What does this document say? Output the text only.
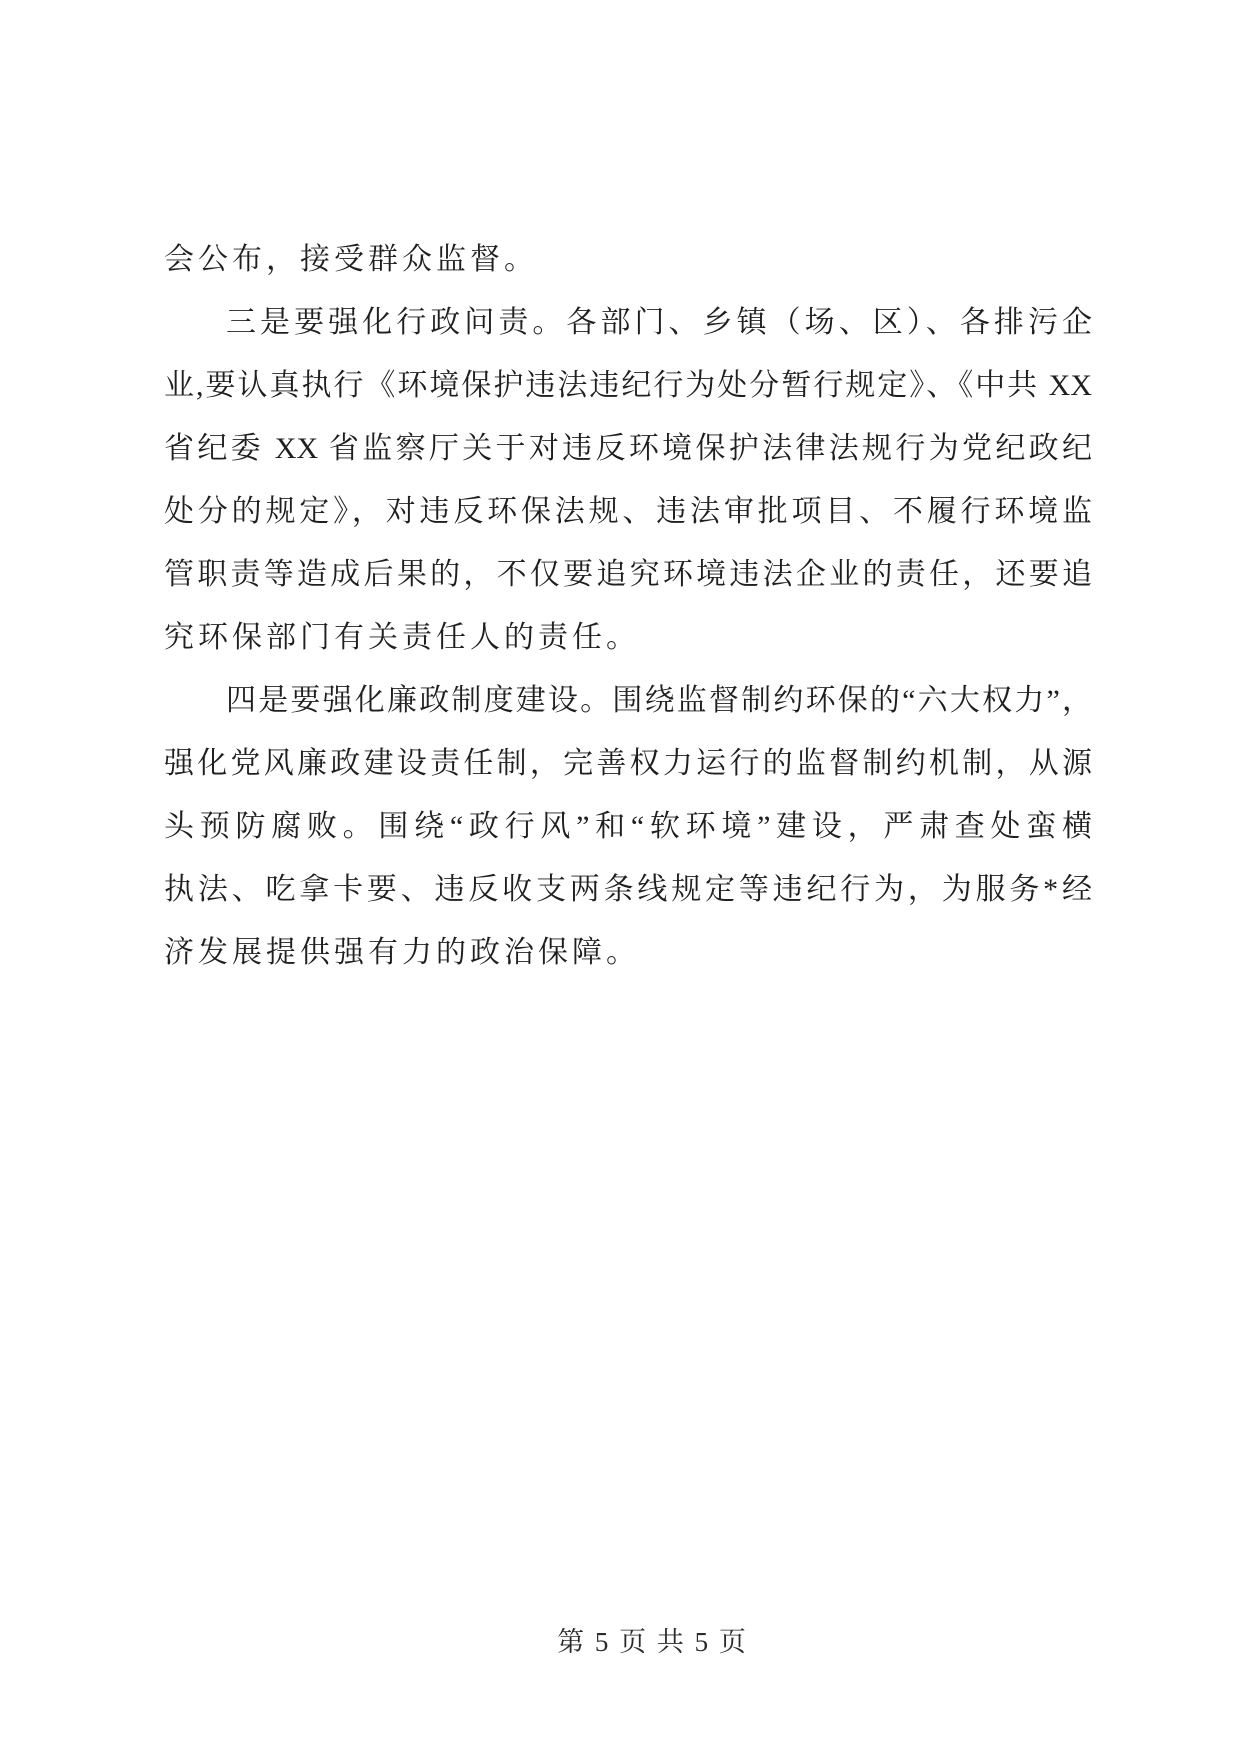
会公布，接受群众监督。
三是要强化行政问责。各部门、乡镇（场、区）、各排污企
业,要认真执行《环境保护违法违纪行为处分暂行规定》、《中共 XX
省纪委 XX 省监察厅关于对违反环境保护法律法规行为党纪政纪
处分的规定》，对违反环保法规、违法审批项目、不履行环境监
管职责等造成后果的，不仅要追究环境违法企业的责任，还要追
究环保部门有关责任人的责任。
四是要强化廉政制度建设。围绕监督制约环保的“六大权力”，
强化党风廉政建设责任制，完善权力运行的监督制约机制，从源
头预防腐败。围绕“政行风”和“软环境”建设，严肃查处蛮横
执法、吃拿卡要、违反收支两条线规定等违纪行为，为服务*经
济发展提供强有力的政治保障。
第 5 页 共 5 页
